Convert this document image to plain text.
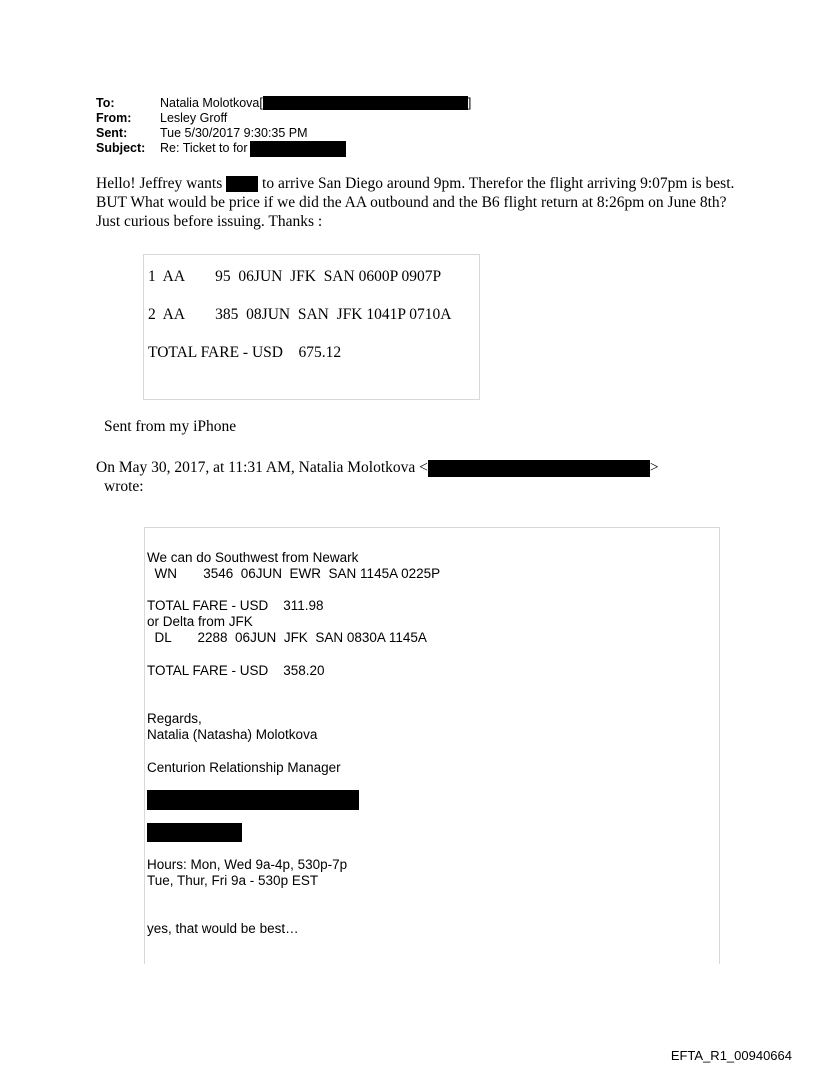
To:	Natalia Molotkova[	]
From:	Lesley Groff
Sent:	Tue 5/30/2017 9:30:35 PM
Subject:	Re: Ticket to for
Hello! Jeffrey wants  to arrive San Diego around 9pm. Therefor the flight arriving 9:07pm is best. BUT What would be price if we did the AA outbound and the B6 flight return at 8:26pm on June 8th? Just curious before issuing. Thanks :
1  AA        95  06JUN  JFK  SAN 0600P 0907P
2  AA        385  08JUN  SAN  JFK 1041P 0710A
TOTAL FARE - USD    675.12
Sent from my iPhone
On May 30, 2017, at 11:31 AM, Natalia Molotkova <	>
wrote:
We can do Southwest from Newark
WN       3546  06JUN  EWR  SAN 1145A 0225P
TOTAL FARE - USD    311.98
or Delta from JFK
DL       2288  06JUN  JFK  SAN 0830A 1145A
TOTAL FARE - USD    358.20
Regards,
Natalia (Natasha) Molotkova
Centurion Relationship Manager
Hours: Mon, Wed 9a-4p, 530p-7p
Tue, Thur, Fri 9a - 530p EST
yes, that would be best…
EFTA_R1_00940664
